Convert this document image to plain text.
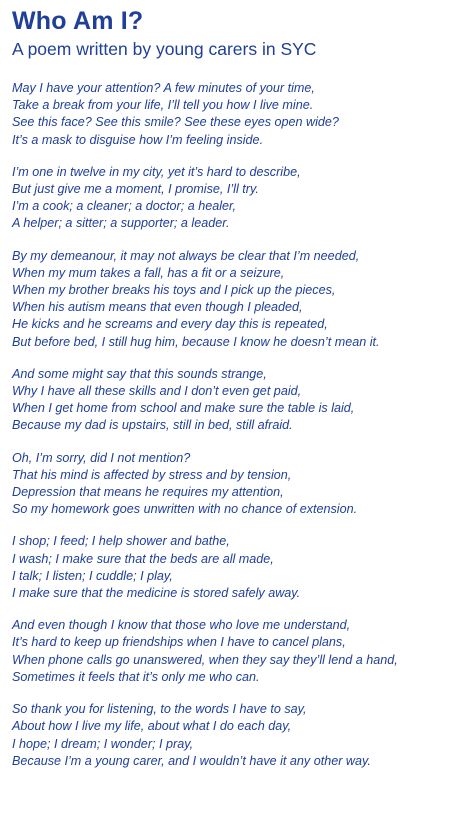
Who Am I?
A poem written by young carers in SYC
May I have your attention? A few minutes of your time,
Take a break from your life, I’ll tell you how I live mine.
See this face? See this smile? See these eyes open wide?
It’s a mask to disguise how I’m feeling inside.
I’m one in twelve in my city, yet it’s hard to describe,
But just give me a moment, I promise, I’ll try.
I’m a cook; a cleaner; a doctor; a healer,
A helper; a sitter; a supporter; a leader.
By my demeanour, it may not always be clear that I’m needed,
When my mum takes a fall, has a fit or a seizure,
When my brother breaks his toys and I pick up the pieces,
When his autism means that even though I pleaded,
He kicks and he screams and every day this is repeated,
But before bed, I still hug him, because I know he doesn’t mean it.
And some might say that this sounds strange,
Why I have all these skills and I don’t even get paid,
When I get home from school and make sure the table is laid,
Because my dad is upstairs, still in bed, still afraid.
Oh, I’m sorry, did I not mention?
That his mind is affected by stress and by tension,
Depression that means he requires my attention,
So my homework goes unwritten with no chance of extension.
I shop; I feed; I help shower and bathe,
I wash; I make sure that the beds are all made,
I talk; I listen; I cuddle; I play,
I make sure that the medicine is stored safely away.
And even though I know that those who love me understand,
It’s hard to keep up friendships when I have to cancel plans,
When phone calls go unanswered, when they say they’ll lend a hand,
Sometimes it feels that it’s only me who can.
So thank you for listening, to the words I have to say,
About how I live my life, about what I do each day,
I hope; I dream; I wonder; I pray,
Because I’m a young carer, and I wouldn’t have it any other way.
